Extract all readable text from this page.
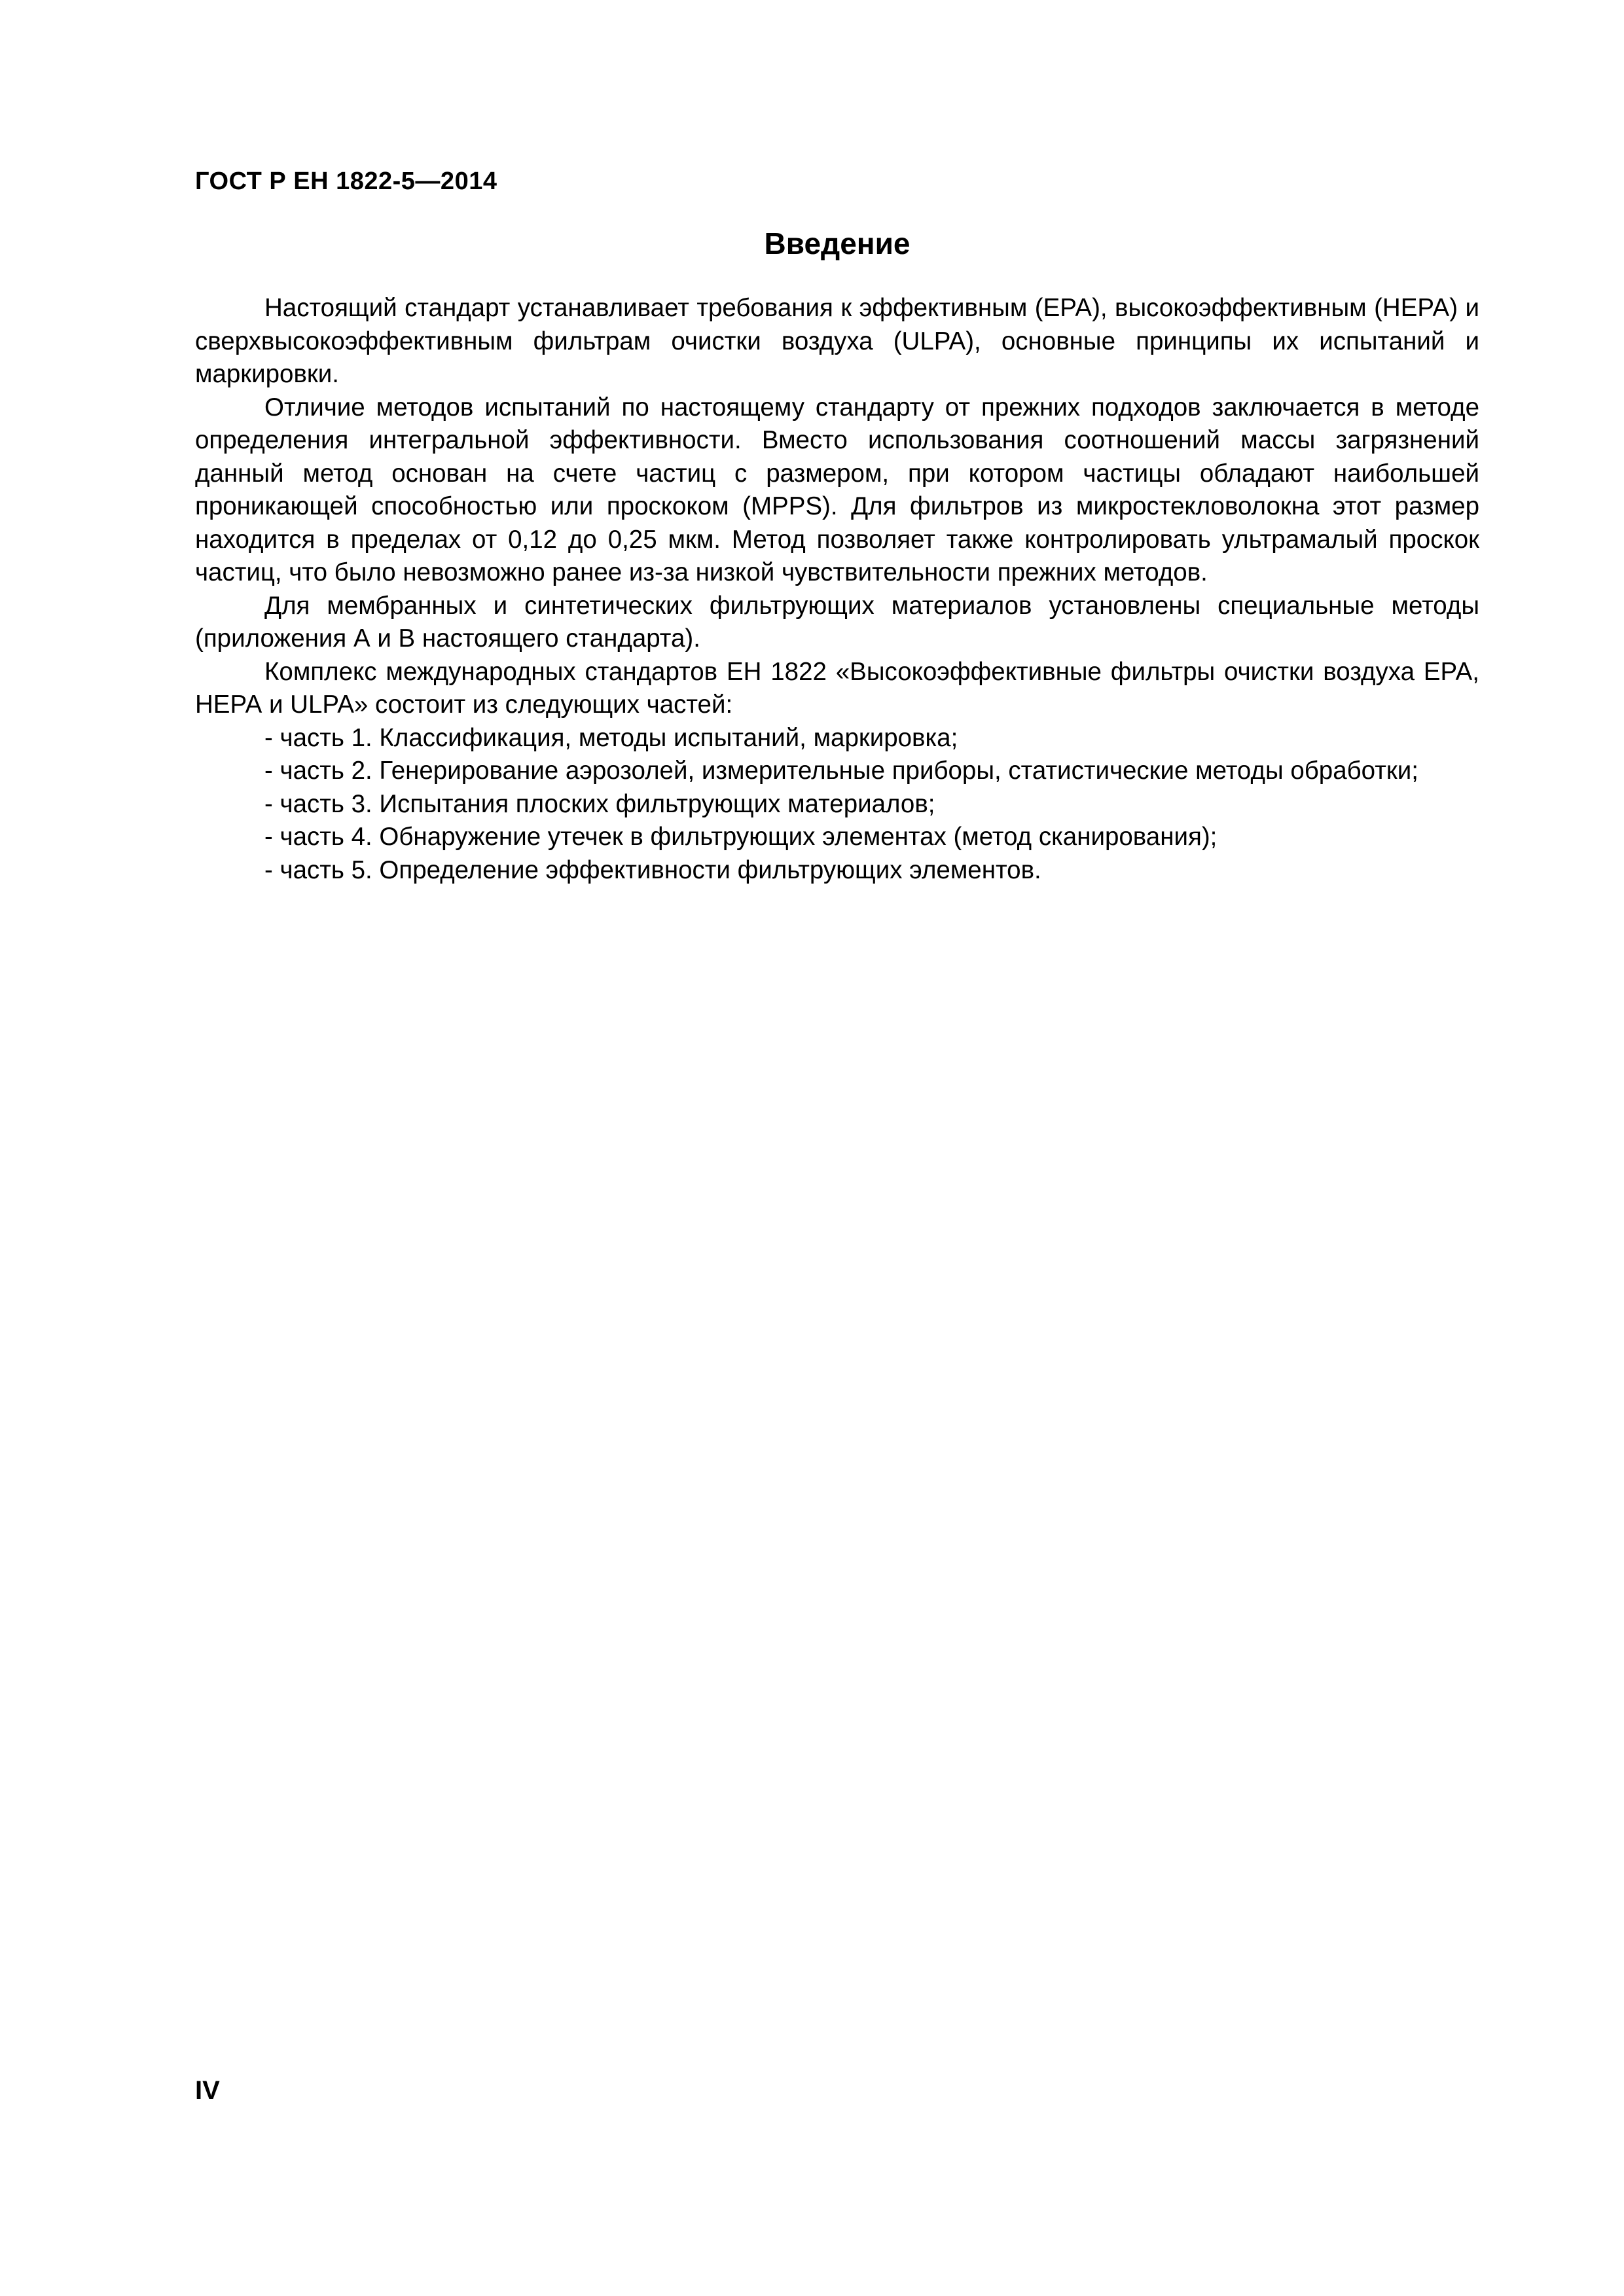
ГОСТ Р ЕН 1822-5—2014
Введение

Настоящий стандарт устанавливает требования к эффективным (ЕРА), высокоэффективным (НЕРА) и сверхвысокоэффективным фильтрам очистки воздуха (ULPA), основные принципы их испытаний и маркировки.

Отличие методов испытаний по настоящему стандарту от прежних подходов заключается в методе определения интегральной эффективности. Вместо использования соотношений массы загрязнений данный метод основан на счете частиц с размером, при котором частицы обладают наибольшей проникающей способностью или проскоком (MPPS). Для фильтров из микростекловолокна этот размер находится в пределах от 0,12 до 0,25 мкм. Метод позволяет также контролировать ультрамалый проскок частиц, что было невозможно ранее из-за низкой чувствительности прежних методов.

Для мембранных и синтетических фильтрующих материалов установлены специальные методы (приложения А и В настоящего стандарта).

Комплекс международных стандартов ЕН 1822 «Высокоэффективные фильтры очистки воздуха ЕРА, НЕРА и ULPA» состоит из следующих частей:

- часть 1. Классификация, методы испытаний, маркировка;
- часть 2. Генерирование аэрозолей, измерительные приборы, статистические методы обработки;
- часть 3. Испытания плоских фильтрующих материалов;
- часть 4. Обнаружение утечек в фильтрующих элементах (метод сканирования);
- часть 5. Определение эффективности фильтрующих элементов.
IV
